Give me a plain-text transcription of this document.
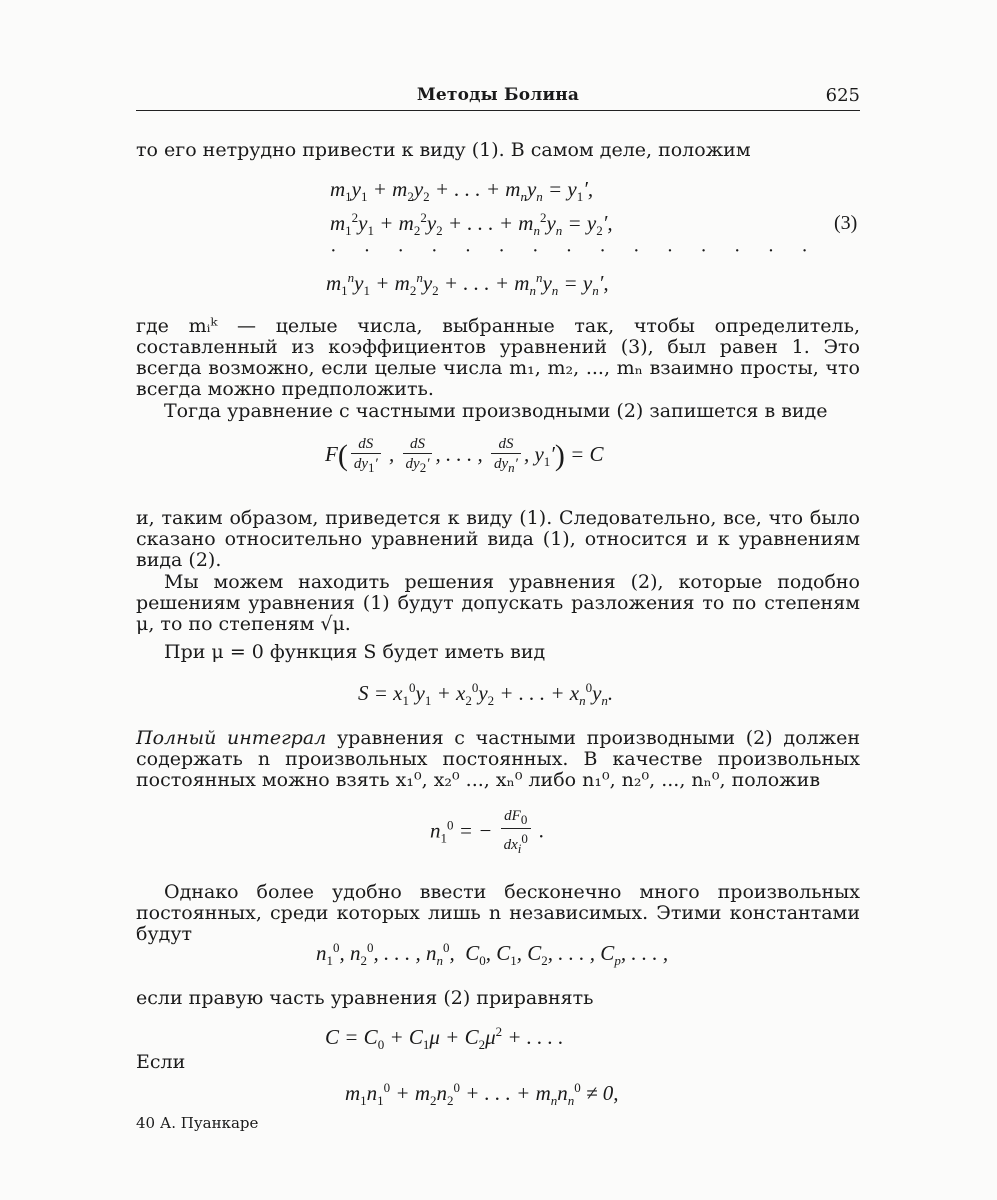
Методы Болина	625
то его нетрудно привести к виду (1). В самом деле, положим
$m_1y_1 + m_2y_2$ + . . . + $m_ny_n = y_1'$,
$m_1^2y_1 + m_2^2y_2$ + . . . + $m_n^2y_n = y_2'$,
· · · · · · · · · · · · · · ·
$m_1^ny_1 + m_2^ny_2$ + . . . + $m_n^ny_n = y_n'$,
(3)
где mᵢᵏ — целые числа, выбранные так, чтобы определитель, составленный из коэффициентов уравнений (3), был равен 1. Это всегда возможно, если целые числа m₁, m₂, ..., mₙ взаимно просты, что всегда можно предположить.
Тогда уравнение с частными производными (2) запишется в виде
$F( \frac{dS}{dy_1'}$ , $\frac{dS}{dy_2'}$ , . . . , $\frac{dS}{dy_n'}$ , $y_1') = C$
и, таким образом, приведется к виду (1). Следовательно, все, что было сказано относительно уравнений вида (1), относится и к уравнениям вида (2).
Мы можем находить решения уравнения (2), которые подобно решениям уравнения (1) будут допускать разложения то по степеням μ, то по степеням √μ.
При μ = 0 функция S будет иметь вид
$S = x_1^0y_1 + x_2^0y_2$ + . . . + $x_n^0y_n$.
Полный интеграл уравнения с частными производными (2) должен содержать n произвольных постоянных. В качестве произвольных постоянных можно взять x₁⁰, x₂⁰ ..., xₙ⁰ либо n₁⁰, n₂⁰, ..., nₙ⁰, положив
$n_1^0$ = − $\frac{dF_0}{dx_i^0}$ .
Однако более удобно ввести бесконечно много произвольных постоянных, среди которых лишь n независимых. Этими константами будут
$n_1^0$, $n_2^0$, . . . , $n_n^0$,  $C_0$, $C_1$, $C_2$, . . . , $C_p$, . . . ,
если правую часть уравнения (2) приравнять
$C = C_0 + C_1\mu + C_2\mu^2$ + . . . .
Если
$m_1n_1^0 + m_2n_2^0$ + . . . + $m_nn_n^0 \ne 0$,
40 А. Пуанкаре
